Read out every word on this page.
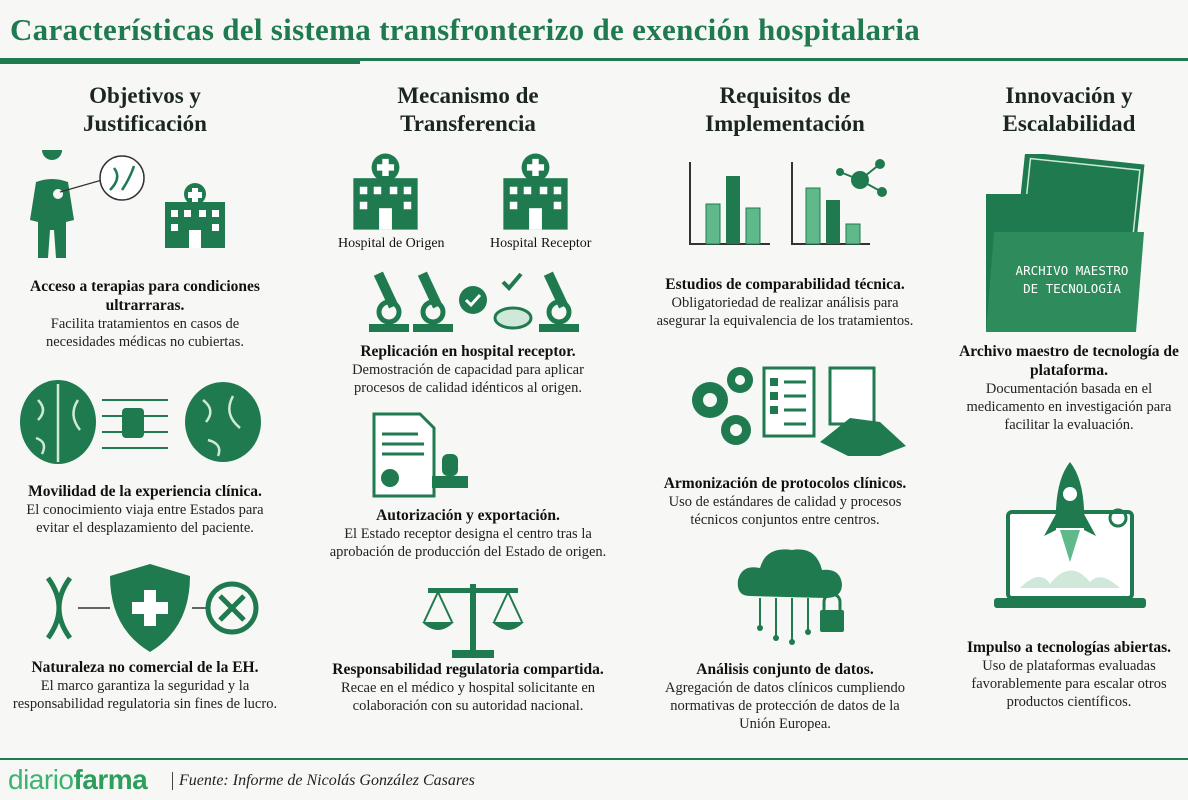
Características del sistema transfronterizo de exención hospitalaria
Objetivos y
Justificación
Acceso a terapias para condiciones ultrarraras.
Facilita tratamientos en casos de necesidades médicas no cubiertas.
Movilidad de la experiencia clínica.
El conocimiento viaja entre Estados para evitar el desplazamiento del paciente.
Naturaleza no comercial de la EH.
El marco garantiza la seguridad y la responsabilidad regulatoria sin fines de lucro.
Mecanismo de
Transferencia
Hospital de Origen	Hospital Receptor
Replicación en hospital receptor.
Demostración de capacidad para aplicar procesos de calidad idénticos al origen.
Autorización y exportación.
El Estado receptor designa el centro tras la aprobación de producción del Estado de origen.
Responsabilidad regulatoria compartida.
Recae en el médico y hospital solicitante en colaboración con su autoridad nacional.
Requisitos de
Implementación
Estudios de comparabilidad técnica.
Obligatoriedad de realizar análisis para asegurar la equivalencia de los tratamientos.
Armonización de protocolos clínicos.
Uso de estándares de calidad y procesos técnicos conjuntos entre centros.
Análisis conjunto de datos.
Agregación de datos clínicos cumpliendo normativas de protección de datos de la Unión Europea.
Innovación y
Escalabilidad
ARCHIVO MAESTRO
DE TECNOLOGÍA
Archivo maestro de tecnología de plataforma.
Documentación basada en el medicamento en investigación para facilitar la evaluación.
Impulso a tecnologías abiertas.
Uso de plataformas evaluadas favorablemente para escalar otros productos científicos.
diariofarma	Fuente: Informe de Nicolás González Casares
